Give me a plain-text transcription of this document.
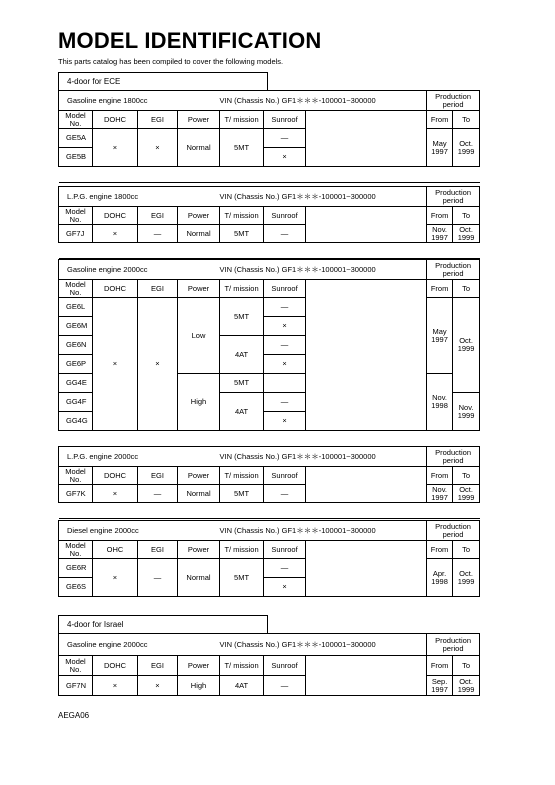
MODEL IDENTIFICATION
This parts catalog has been compiled to cover the following models.
4-door for ECE
Gasoline engine 1800cc				VIN (Chassis No.) GF1＊＊＊-100001~300000			Production period	
Model No.	DOHC	EGI	Power	T/ mission	Sunroof		From	To
GE5A	×	×	Normal	5MT	—		May 1997	Oct. 1999
GE5B					×			

L.P.G. engine 1800cc				VIN (Chassis No.) GF1＊＊＊-100001~300000			Production period	
Model No.	DOHC	EGI	Power	T/ mission	Sunroof		From	To
GF7J	×	—	Normal	5MT	—		Nov. 1997	Oct. 1999

Gasoline engine 2000cc				VIN (Chassis No.) GF1＊＊＊-100001~300000			Production period	
Model No.	DOHC	EGI	Power	T/ mission	Sunroof		From	To
GE6L	×	×	Low	5MT	—		May 1997	Oct. 1999
GE6M					×			
GE6N				4AT	—			
GE6P					×			
GG4E			High	5MT			Nov. 1998	
GG4F				4AT	—			Nov. 1999
GG4G					×			

L.P.G. engine 2000cc				VIN (Chassis No.) GF1＊＊＊-100001~300000			Production period	
Model No.	DOHC	EGI	Power	T/ mission	Sunroof		From	To
GF7K	×	—	Normal	5MT	—		Nov. 1997	Oct. 1999

Diesel engine 2000cc				VIN (Chassis No.) GF1＊＊＊-100001~300000			Production period	
Model No.	OHC	EGI	Power	T/ mission	Sunroof		From	To
GE6R	×	—	Normal	5MT	—		Apr. 1998	Oct. 1999
GE6S					×			
4-door for Israel
Gasoline engine 2000cc				VIN (Chassis No.) GF1＊＊＊-100001~300000			Production period	
Model No.	DOHC	EGI	Power	T/ mission	Sunroof		From	To
GF7N	×	×	High	4AT	—		Sep. 1997	Oct. 1999
AEGA06
